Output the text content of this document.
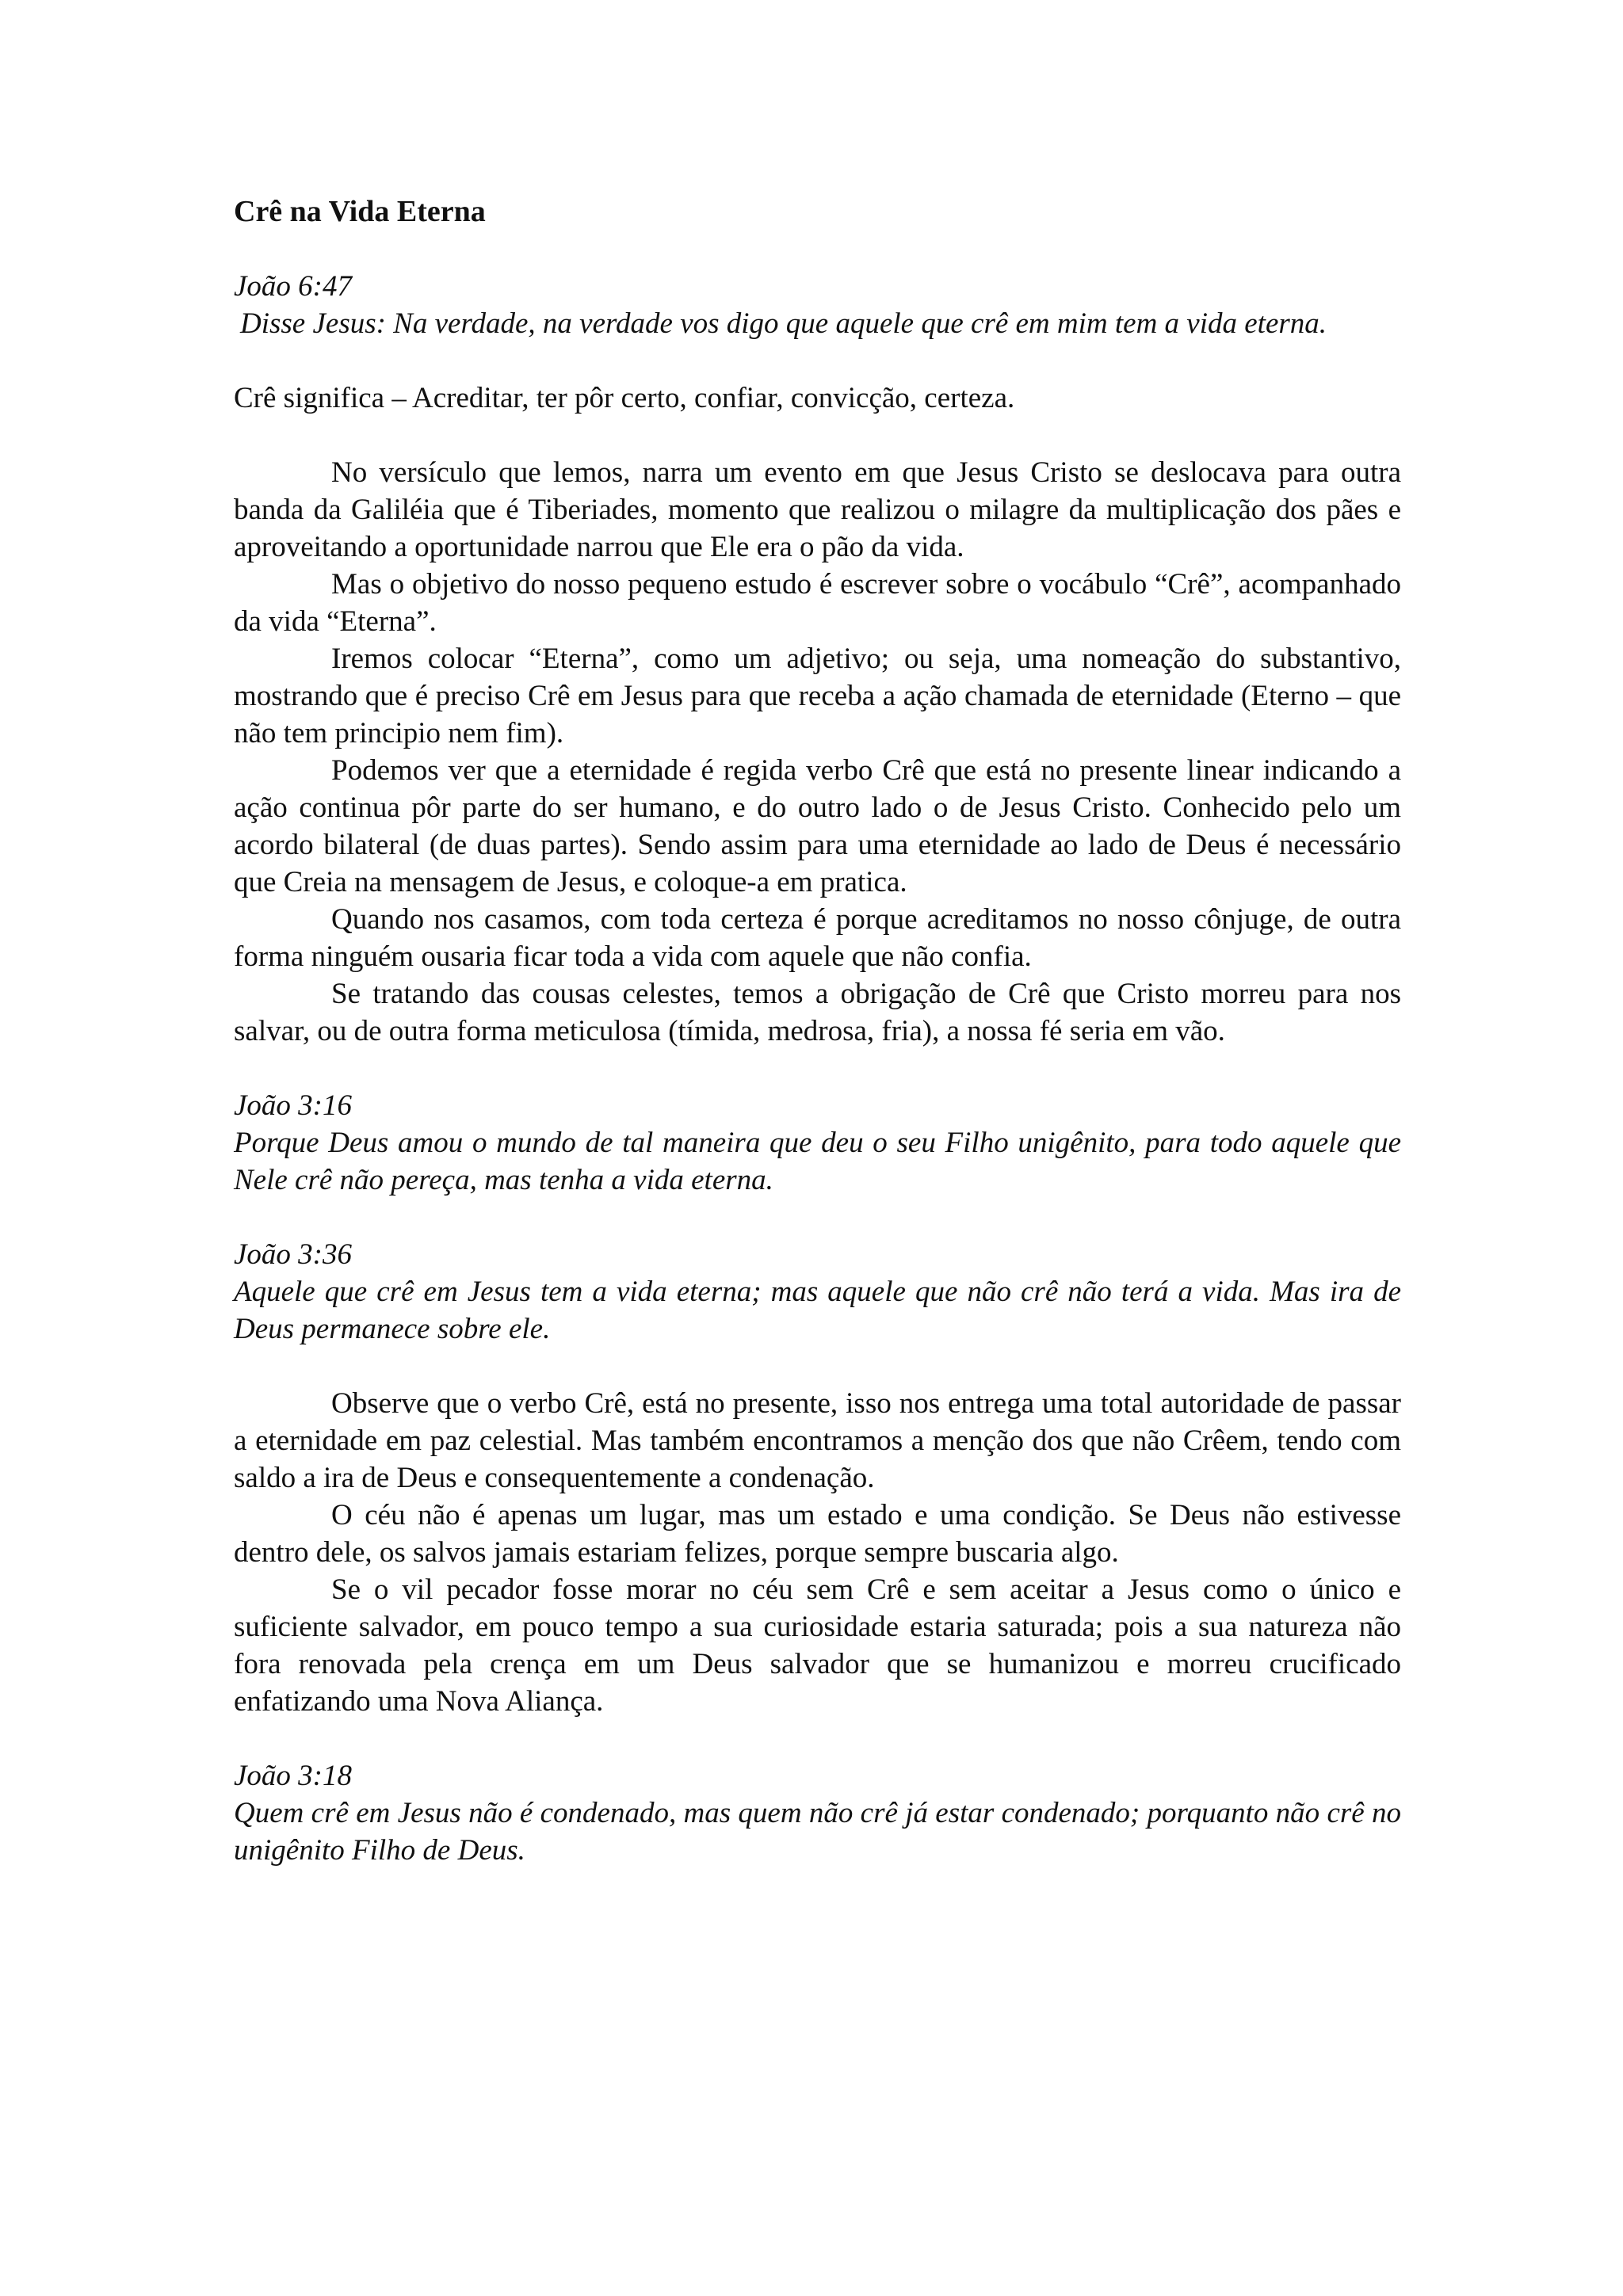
Crê na Vida Eterna

João 6:47

Disse Jesus: Na verdade, na verdade vos digo que aquele que crê em mim tem a vida eterna.

Crê significa – Acreditar, ter pôr certo, confiar, convicção, certeza.

No versículo que lemos, narra um evento em que Jesus Cristo se deslocava para outra banda da Galiléia que é Tiberiades, momento que realizou o milagre da multiplicação dos pães e aproveitando a oportunidade narrou que Ele era o pão da vida.

Mas o objetivo do nosso pequeno estudo é escrever sobre o vocábulo “Crê”, acompanhado da vida “Eterna”.

Iremos colocar “Eterna”, como um adjetivo; ou seja, uma nomeação do substantivo, mostrando que é preciso Crê em Jesus para que receba a ação chamada de eternidade (Eterno – que não tem principio nem fim).

Podemos ver que a eternidade é regida verbo Crê que está no presente linear indicando a ação continua pôr parte do ser humano, e do outro lado o de Jesus Cristo. Conhecido pelo um acordo bilateral (de duas partes). Sendo assim para uma eternidade ao lado de Deus é necessário que Creia na mensagem de Jesus, e coloque-a em pratica.

Quando nos casamos, com toda certeza é porque acreditamos no nosso cônjuge, de outra forma ninguém ousaria ficar toda a vida com aquele que não confia.

Se tratando das cousas celestes, temos a obrigação de Crê que Cristo morreu para nos salvar, ou de outra forma meticulosa (tímida, medrosa, fria), a nossa fé seria em vão.

João 3:16

Porque Deus amou o mundo de tal maneira que deu o seu Filho unigênito, para todo aquele que Nele crê não pereça, mas tenha a vida eterna.

João 3:36

Aquele que crê em Jesus tem a vida eterna; mas aquele que não crê não terá a vida. Mas ira de Deus permanece sobre ele.

Observe que o verbo Crê, está no presente, isso nos entrega uma total autoridade de passar a eternidade em paz celestial. Mas também encontramos a menção dos que não Crêem, tendo com saldo a ira de Deus e consequentemente a condenação.

O céu não é apenas um lugar, mas um estado e uma condição. Se Deus não estivesse dentro dele, os salvos jamais estariam felizes, porque sempre buscaria algo.

Se o vil pecador fosse morar no céu sem Crê e sem aceitar a Jesus como o único e suficiente salvador, em pouco tempo a sua curiosidade estaria saturada; pois a sua natureza não fora renovada pela crença em um Deus salvador que se humanizou e morreu crucificado enfatizando uma Nova Aliança.

João 3:18

Quem crê em Jesus não é condenado, mas quem não crê já estar condenado; porquanto não crê no unigênito Filho de Deus.
